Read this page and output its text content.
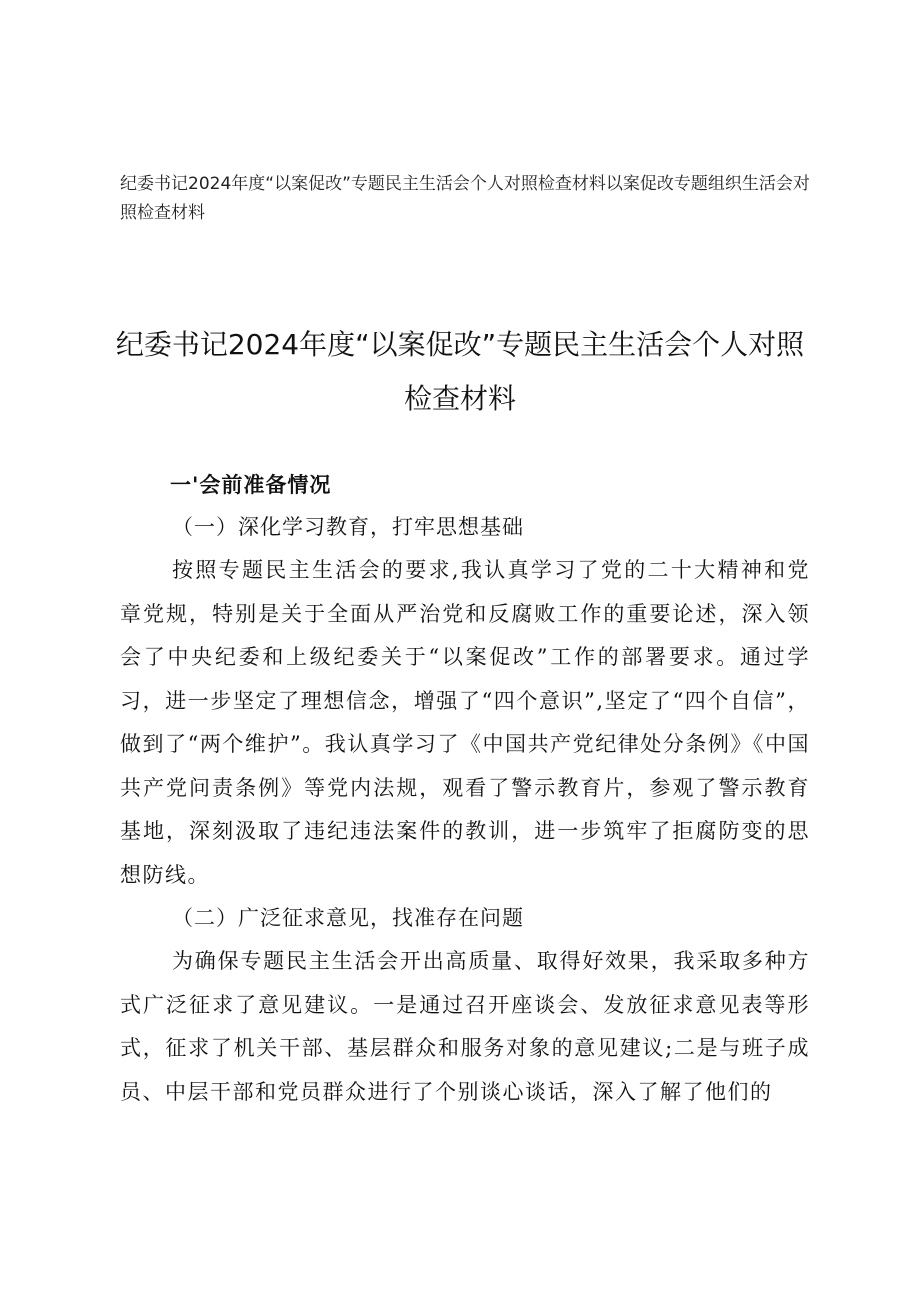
纪委书记2024年度“以案促改”专题民主生活会个人对照检查材料以案促改专题组织生活会对照检查材料
纪委书记2024年度“以案促改”专题民主生活会个人对照检查材料
一'会前准备情况
（一）深化学习教育，打牢思想基础

按照专题民主生活会的要求,我认真学习了党的二十大精神和党章党规，特别是关于全面从严治党和反腐败工作的重要论述，深入领会了中央纪委和上级纪委关于“以案促改”工作的部署要求。通过学习，进一步坚定了理想信念，增强了“四个意识”,坚定了“四个自信”，做到了“两个维护”。我认真学习了《中国共产党纪律处分条例》《中国共产党问责条例》等党内法规，观看了警示教育片，参观了警示教育基地，深刻汲取了违纪违法案件的教训，进一步筑牢了拒腐防变的思想防线。

（二）广泛征求意见，找准存在问题

为确保专题民主生活会开出高质量、取得好效果，我采取多种方式广泛征求了意见建议。一是通过召开座谈会、发放征求意见表等形式，征求了机关干部、基层群众和服务对象的意见建议;二是与班子成员、中层干部和党员群众进行了个别谈心谈话，深入了解了他们的
